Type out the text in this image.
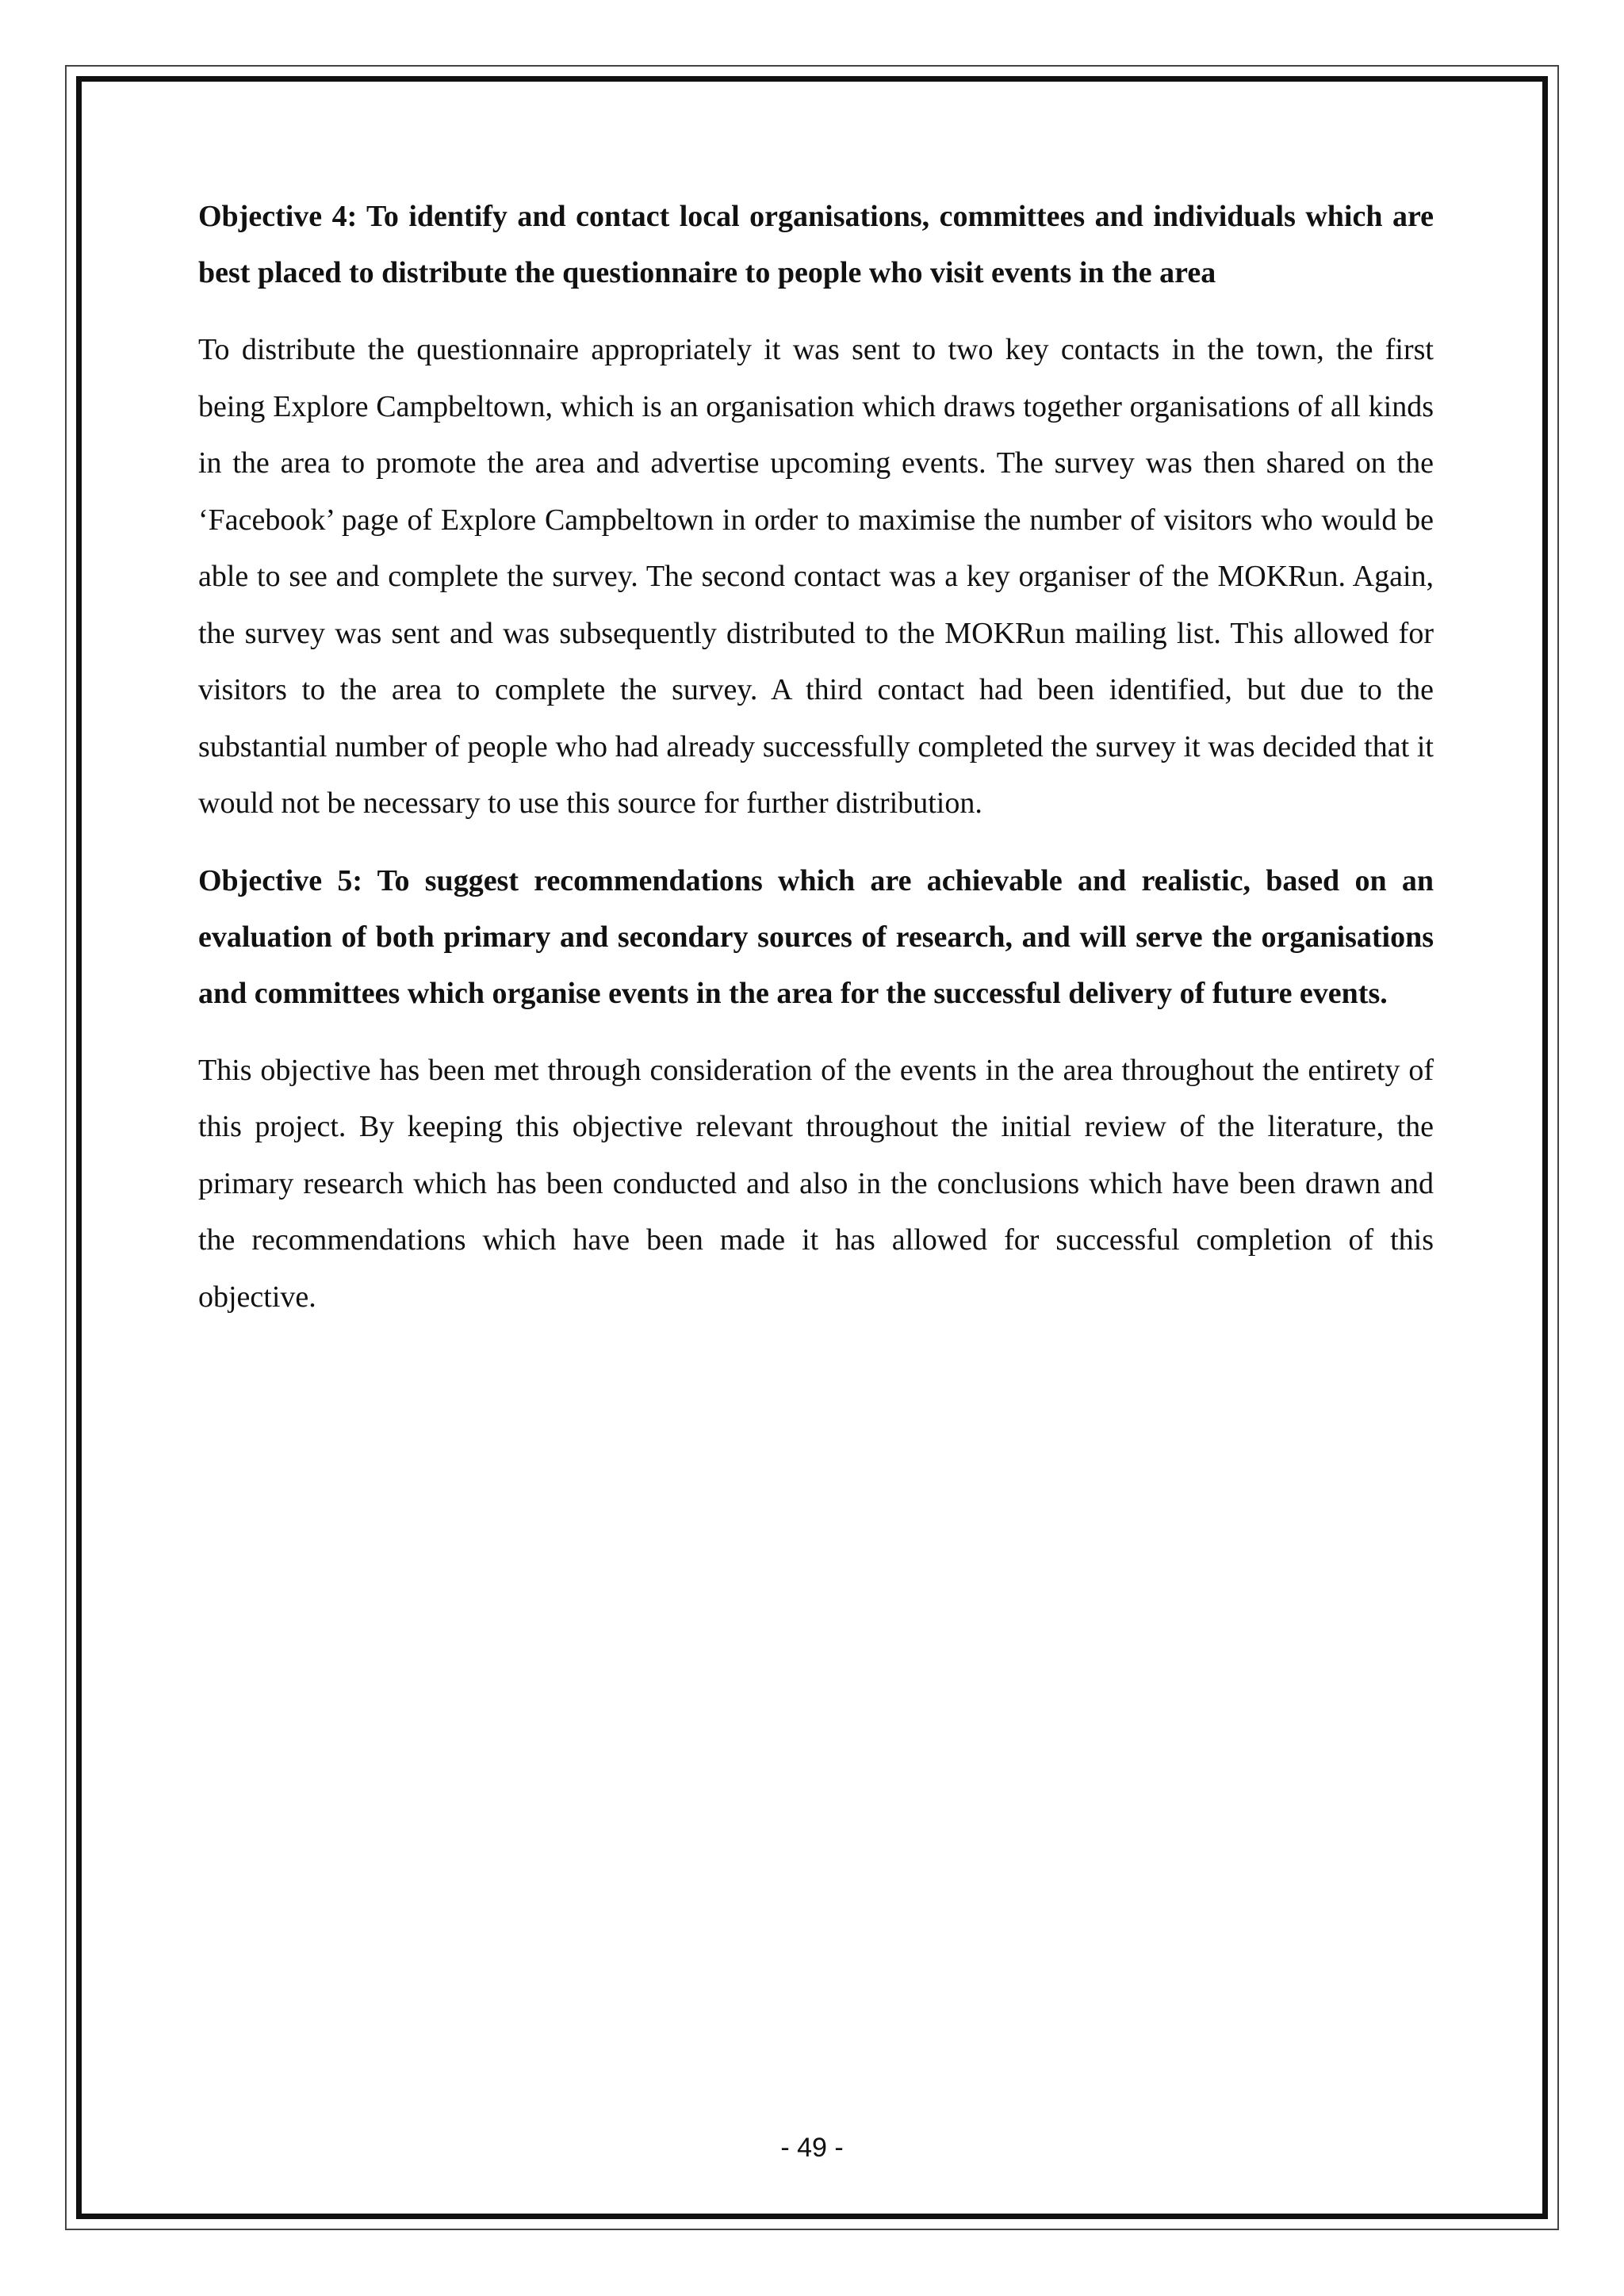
Objective 4: To identify and contact local organisations, committees and individuals which are best placed to distribute the questionnaire to people who visit events in the area
To distribute the questionnaire appropriately it was sent to two key contacts in the town, the first being Explore Campbeltown, which is an organisation which draws together organisations of all kinds in the area to promote the area and advertise upcoming events. The survey was then shared on the ‘Facebook’ page of Explore Campbeltown in order to maximise the number of visitors who would be able to see and complete the survey. The second contact was a key organiser of the MOKRun. Again, the survey was sent and was subsequently distributed to the MOKRun mailing list. This allowed for visitors to the area to complete the survey. A third contact had been identified, but due to the substantial number of people who had already successfully completed the survey it was decided that it would not be necessary to use this source for further distribution.
Objective 5: To suggest recommendations which are achievable and realistic, based on an evaluation of both primary and secondary sources of research, and will serve the organisations and committees which organise events in the area for the successful delivery of future events.
This objective has been met through consideration of the events in the area throughout the entirety of this project. By keeping this objective relevant throughout the initial review of the literature, the primary research which has been conducted and also in the conclusions which have been drawn and the recommendations which have been made it has allowed for successful completion of this objective.
- 49 -
